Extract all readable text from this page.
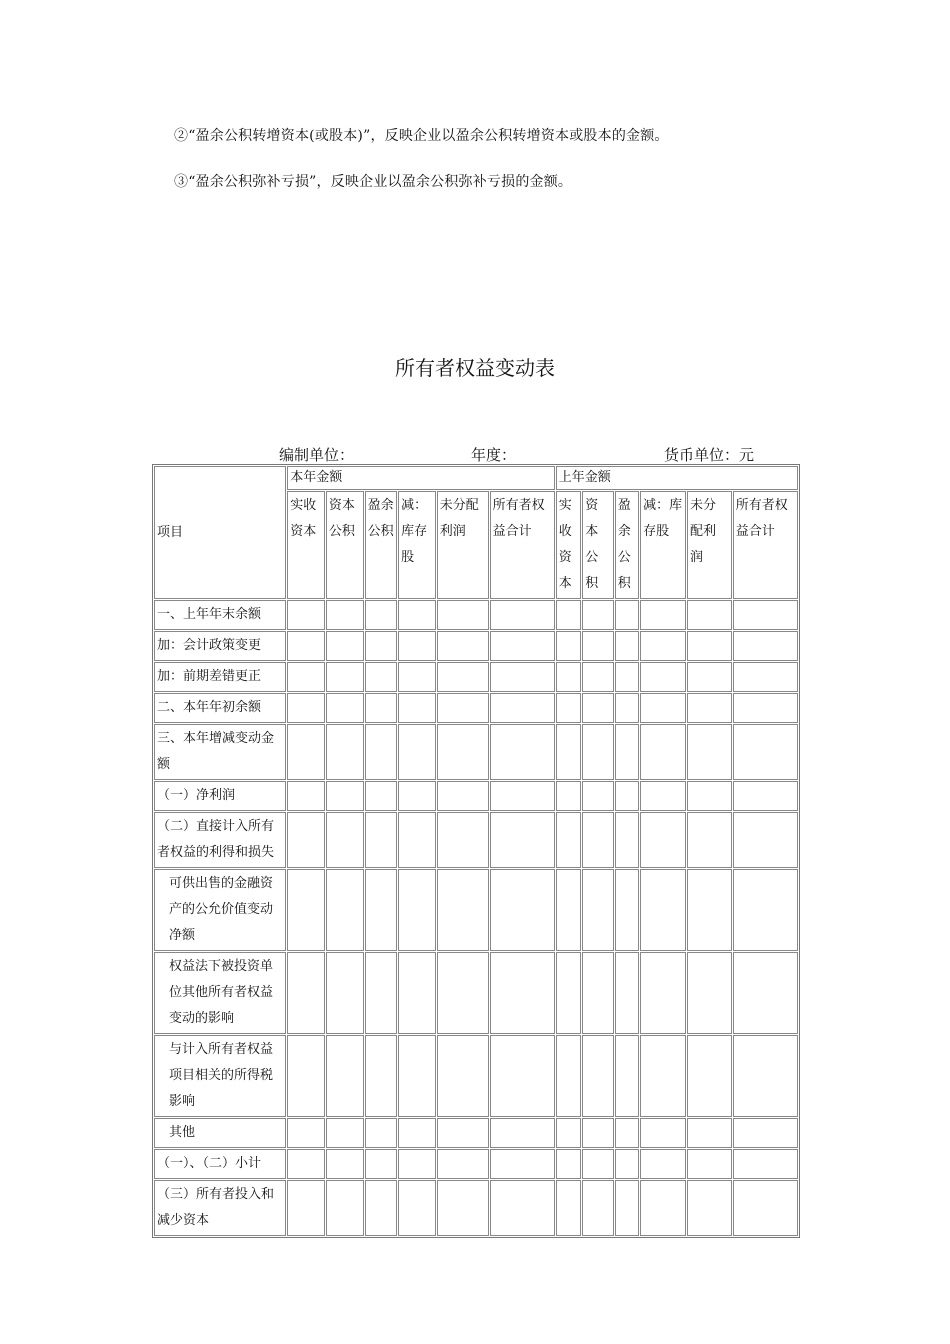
②“盈余公积转增资本(或股本)”，反映企业以盈余公积转增资本或股本的金额。
③“盈余公积弥补亏损”，反映企业以盈余公积弥补亏损的金额。
所有者权益变动表
编制单位：	年度：	货币单位：元
项目	本年金额						上年金额					
	实收资本	资本公积	盈余公积	减：库存股	未分配利润	所有者权益合计	实收资本	资本公积	盈余公积	减：库存股	未分配利润	所有者权益合计
一、上年年末余额												
加：会计政策变更												
加：前期差错更正												
二、本年年初余额												
三、本年增减变动金额												
（一）净利润												
（二）直接计入所有者权益的利得和损失												
可供出售的金融资产的公允价值变动净额												
权益法下被投资单位其他所有者权益变动的影响												
与计入所有者权益项目相关的所得税影响												
其他												
（一）、（二）小计												
（三）所有者投入和减少资本												
